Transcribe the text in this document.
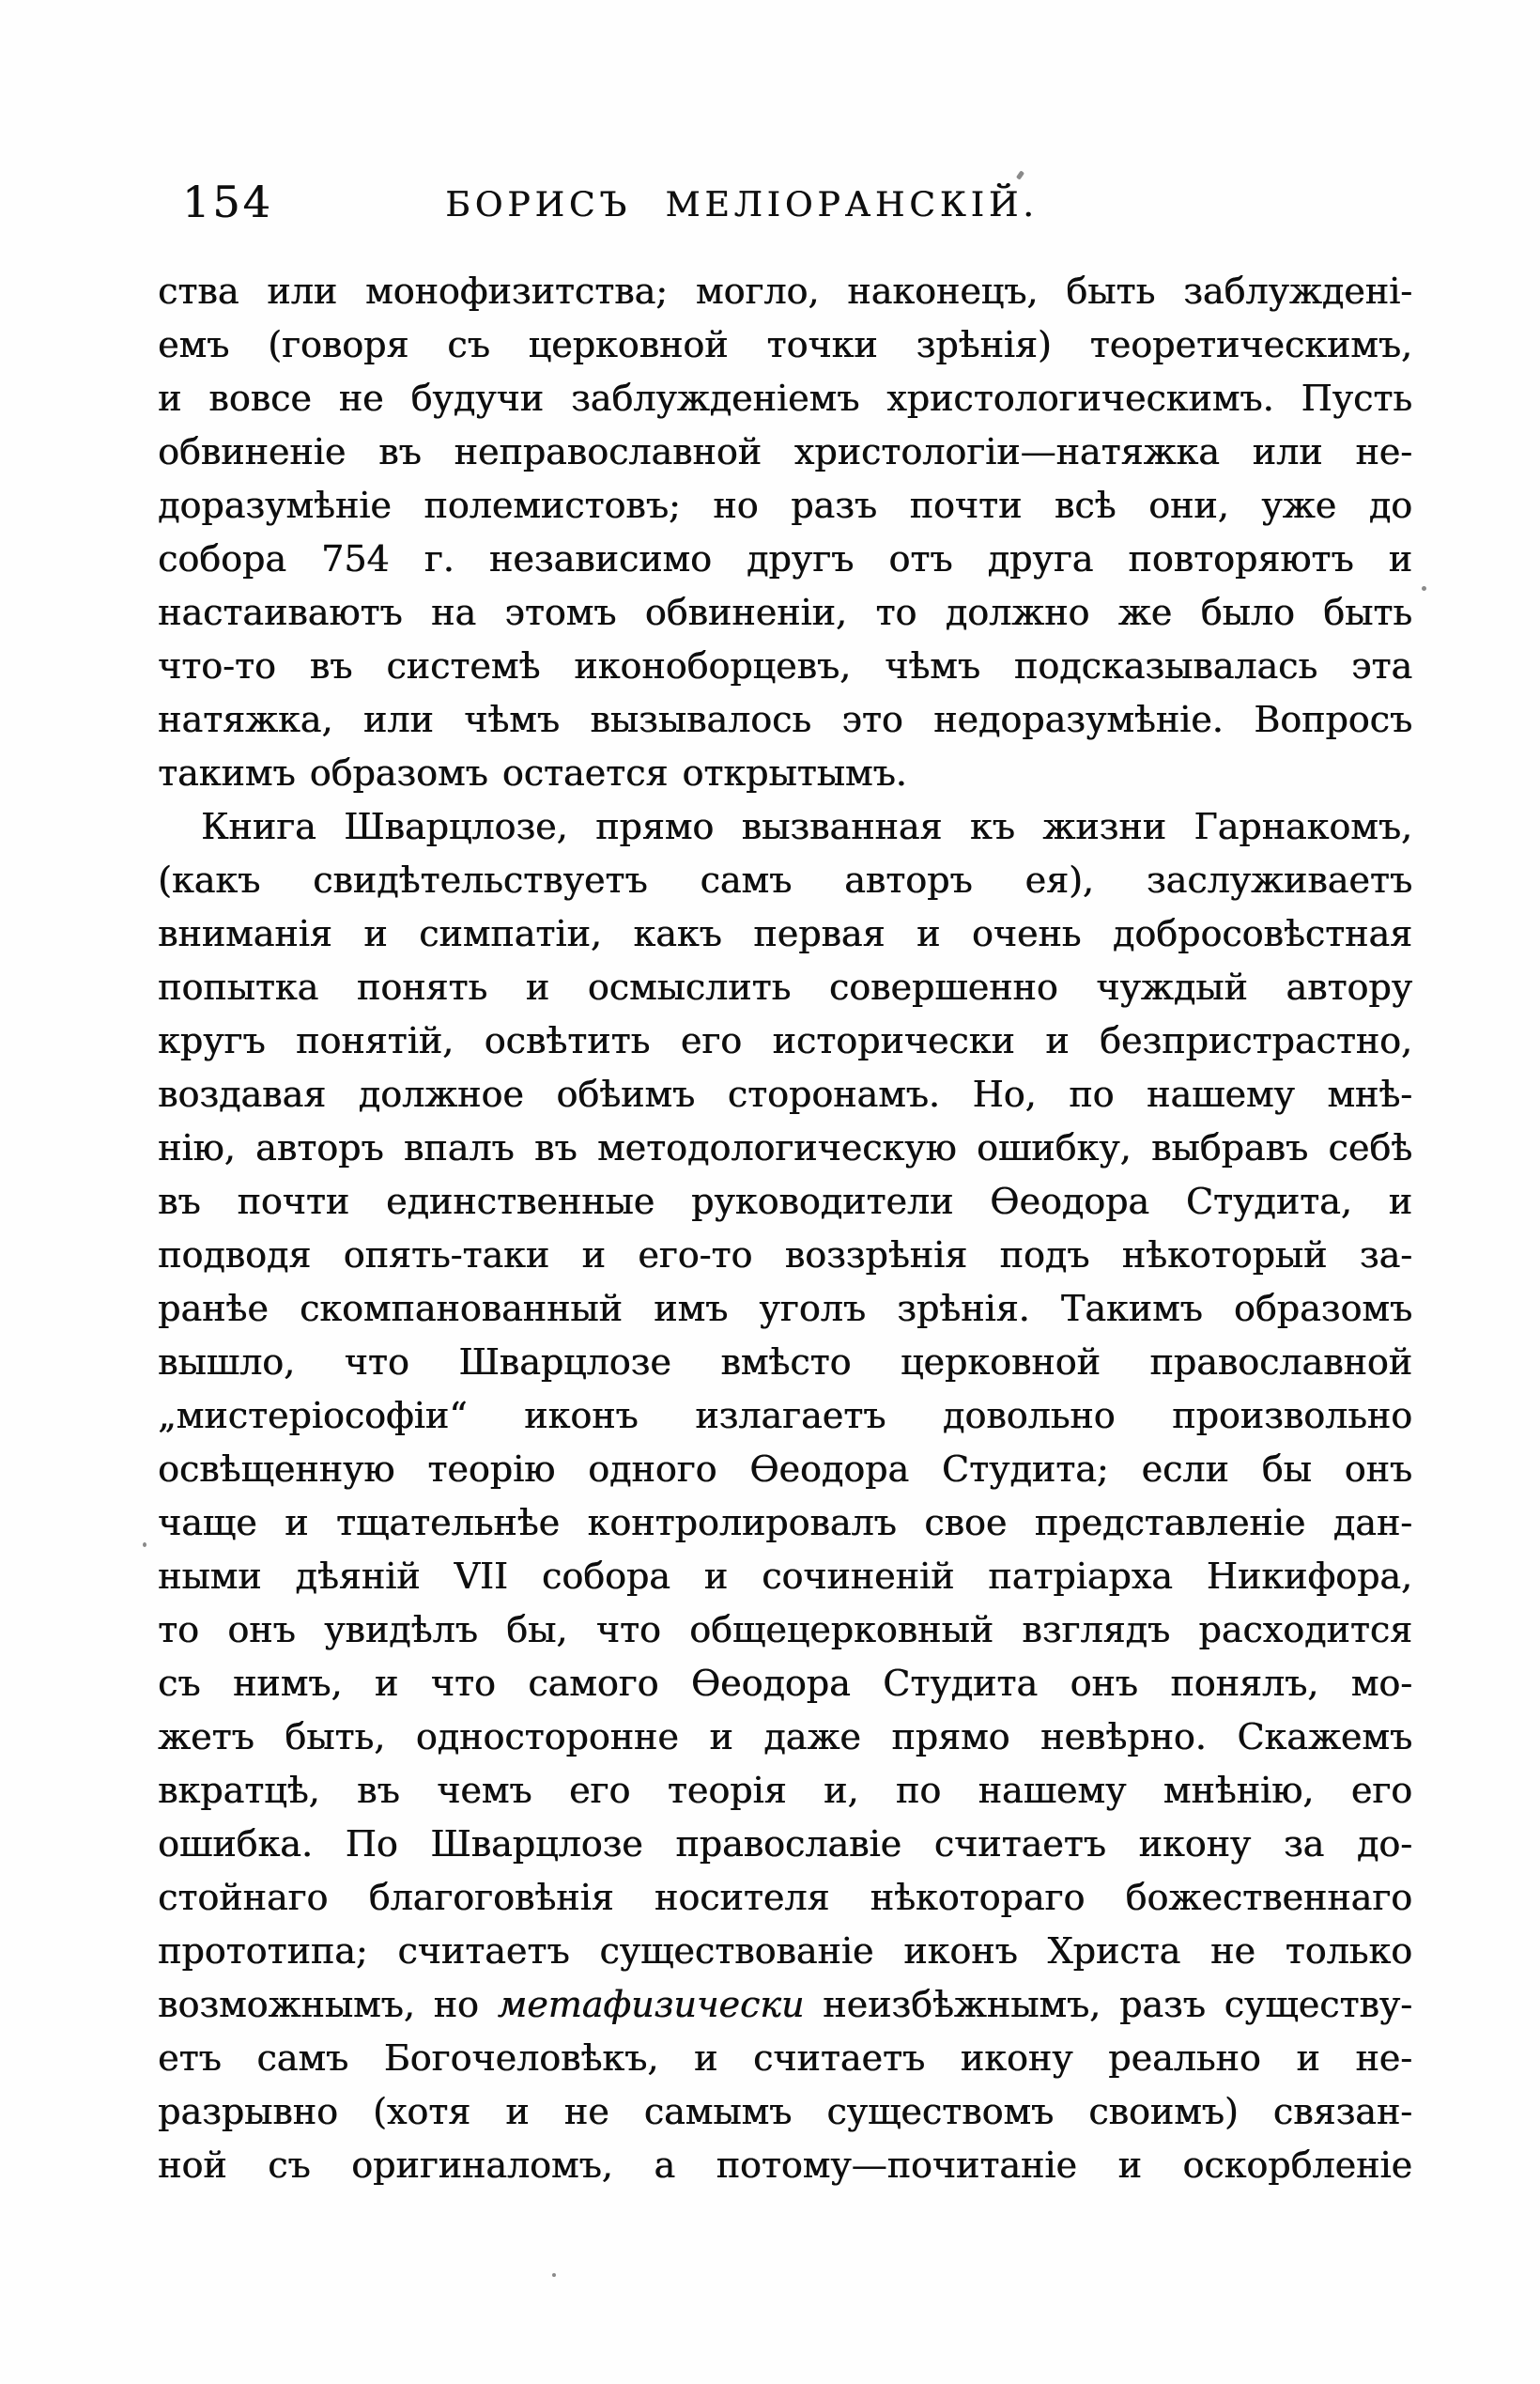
154	БОРИСЪ МЕЛІОРАНСКІЙ.
ства или монофизитства; могло, наконецъ, быть заблужденi-
емъ (говоря съ церковной точки зрѣнія) теоретическимъ,
и вовсе не будучи заблужденіемъ христологическимъ. Пусть
обвиненіе въ неправославной христологіи—натяжка или не-
доразумѣніе полемистовъ; но разъ почти всѣ они, уже до
собора 754 г. независимо другъ отъ друга повторяютъ и
настаиваютъ на этомъ обвиненіи, то должно же было быть
что-то въ системѣ иконоборцевъ, чѣмъ подсказывалась эта
натяжка, или чѣмъ вызывалось это недоразумѣніе. Вопросъ
такимъ образомъ остается открытымъ.
Книга Шварцлозе, прямо вызванная къ жизни Гарнакомъ,
(какъ свидѣтельствуетъ самъ авторъ ея), заслуживаетъ
вниманія и симпатіи, какъ первая и очень добросовѣстная
попытка понять и осмыслить совершенно чуждый автору
кругъ понятій, освѣтить его исторически и безпристрастно,
воздавая должное обѣимъ сторонамъ. Но, по нашему мнѣ-
нію, авторъ впалъ въ методологическую ошибку, выбравъ себѣ
въ почти единственные руководители Ѳеодора Студита, и
подводя опять-таки и его-то воззрѣнія подъ нѣкоторый за-
ранѣе скомпанованный имъ уголъ зрѣнія. Такимъ образомъ
вышло, что Шварцлозе вмѣсто церковной православной
„мистеріософіи“ иконъ излагаетъ довольно произвольно
освѣщенную теорію одного Ѳеодора Студита; если бы онъ
чаще и тщательнѣе контролировалъ свое представленіе дан-
ными дѣяній VII собора и сочиненій патріарха Никифора,
то онъ увидѣлъ бы, что общецерковный взглядъ расходится
съ нимъ, и что самого Ѳеодора Студита онъ понялъ, мо-
жетъ быть, односторонне и даже прямо невѣрно. Скажемъ
вкратцѣ, въ чемъ его теорія и, по нашему мнѣнію, его
ошибка. По Шварцлозе православіе считаетъ икону за до-
стойнаго благоговѣнія носителя нѣкотораго божественнаго
прототипа; считаетъ существованіе иконъ Христа не только
возможнымъ, но метафизически неизбѣжнымъ, разъ существу-
етъ самъ Богочеловѣкъ, и считаетъ икону реально и не-
разрывно (хотя и не самымъ существомъ своимъ) связан-
ной съ оригиналомъ, а потому—почитаніе и оскорбленіе
